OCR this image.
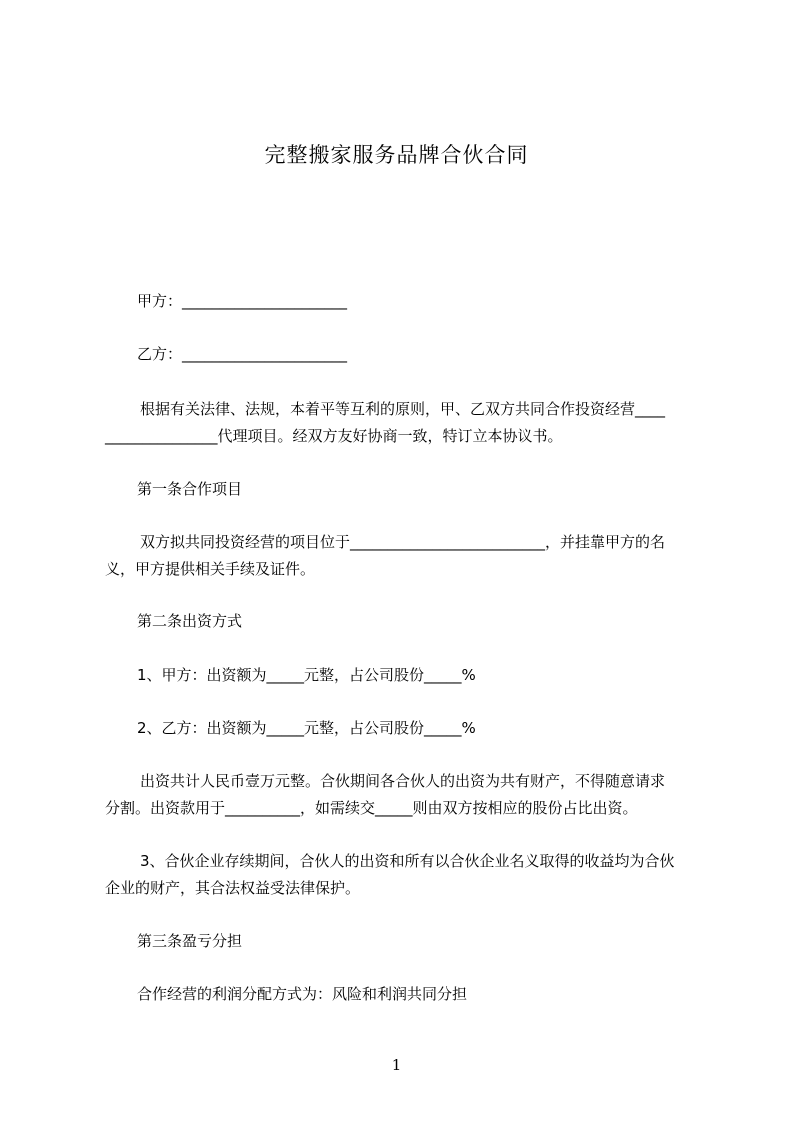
完整搬家服务品牌合伙合同
甲方：______________________
乙方：______________________
根据有关法律、法规，本着平等互利的原则，甲、乙双方共同合作投资经营____
_______________代理项目。经双方友好协商一致，特订立本协议书。
第一条合作项目
双方拟共同投资经营的项目位于__________________________，并挂靠甲方的名
义，甲方提供相关手续及证件。
第二条出资方式
1、甲方：出资额为_____元整，占公司股份_____%
2、乙方：出资额为_____元整，占公司股份_____%
出资共计人民币壹万元整。合伙期间各合伙人的出资为共有财产，不得随意请求
分割。出资款用于__________，如需续交_____则由双方按相应的股份占比出资。
3、合伙企业存续期间，合伙人的出资和所有以合伙企业名义取得的收益均为合伙
企业的财产，其合法权益受法律保护。
第三条盈亏分担
合作经营的利润分配方式为：风险和利润共同分担
1
